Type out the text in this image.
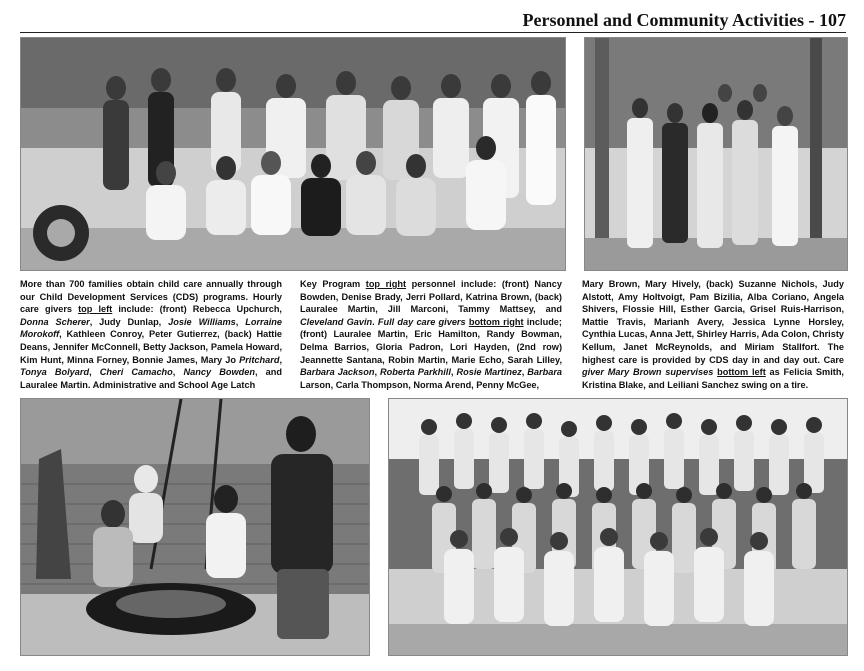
Personnel and Community Activities - 107
More than 700 families obtain child care annually through our Child Development Services (CDS) programs. Hourly care givers top left include: (front) Rebecca Upchurch, Donna Scherer, Judy Dunlap, Josie Williams, Lorraine Morokoff, Kathleen Conroy, Peter Gutierrez, (back) Hattie Deans, Jennifer McConnell, Betty Jackson, Pamela Howard, Kim Hunt, Minna Forney, Bonnie James, Mary Jo Pritchard, Tonya Bolyard, Cheri Camacho, Nancy Bowden, and Lauralee Martin. Administrative and School Age Latch
Key Program top right personnel include: (front) Nancy Bowden, Denise Brady, Jerri Pollard, Katrina Brown, (back) Lauralee Martin, Jill Marconi, Tammy Mattsey, and Cleveland Gavin. Full day care givers bottom right include; (front) Lauralee Martin, Eric Hamilton, Randy Bowman, Delma Barrios, Gloria Padron, Lori Hayden, (2nd row) Jeannette Santana, Robin Martin, Marie Echo, Sarah Lilley, Barbara Jackson, Roberta Parkhill, Rosie Martinez, Barbara Larson, Carla Thompson, Norma Arend, Penny McGee,
Mary Brown, Mary Hively, (back) Suzanne Nichols, Judy Alstott, Amy Holtvoigt, Pam Bizilia, Alba Coriano, Angela Shivers, Flossie Hill, Esther Garcia, Grisel Ruis-Harrison, Mattie Travis, Marianh Avery, Jessica Lynne Horsley, Cynthia Lucas, Anna Jett, Shirley Harris, Ada Colon, Christy Kellum, Janet McReynolds, and Miriam Stallfort. The highest care is provided by CDS day in and day out. Care giver Mary Brown supervises bottom left as Felicia Smith, Kristina Blake, and Leiliani Sanchez swing on a tire.
